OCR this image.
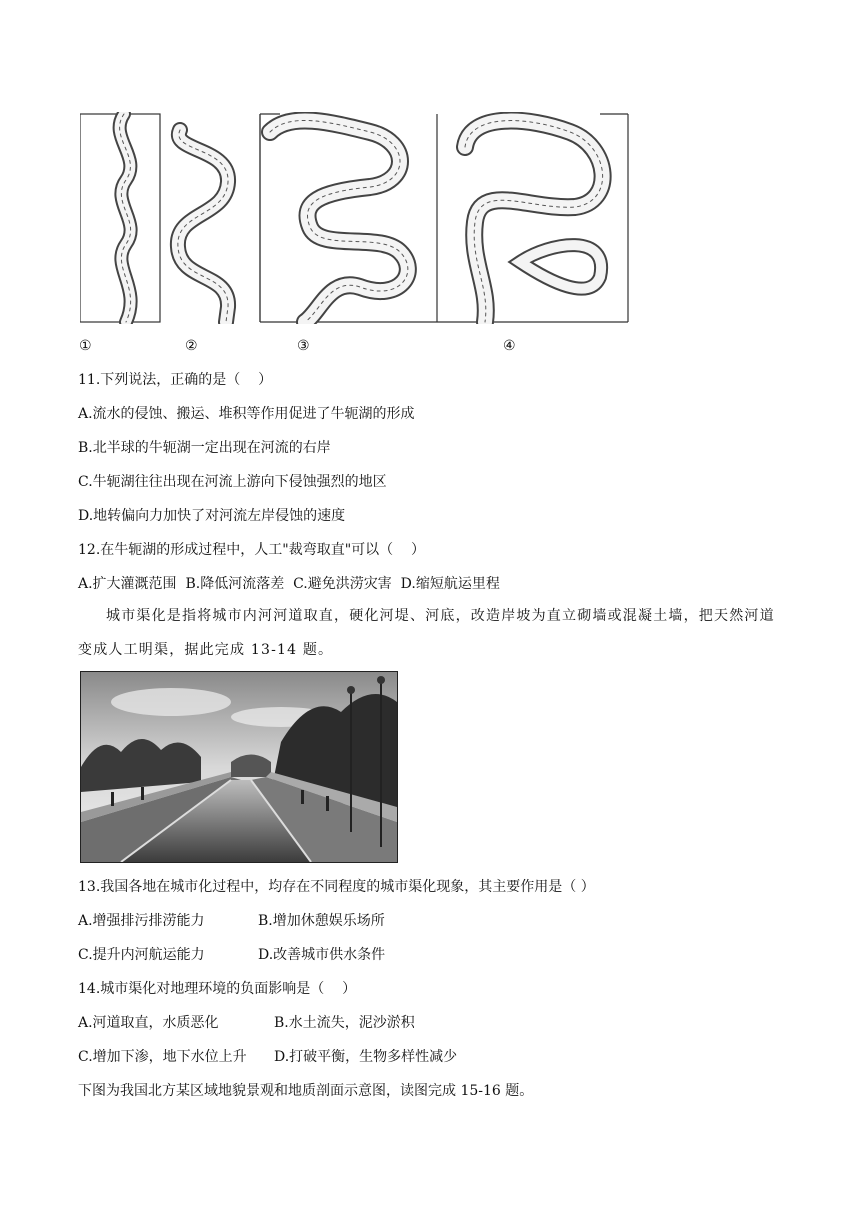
①	②	③	④
11.下列说法，正确的是（    ）
A.流水的侵蚀、搬运、堆积等作用促进了牛轭湖的形成
B.北半球的牛轭湖一定出现在河流的右岸
C.牛轭湖往往出现在河流上游向下侵蚀强烈的地区
D.地转偏向力加快了对河流左岸侵蚀的速度
12.在牛轭湖的形成过程中，人工"裁弯取直"可以（    ）
A.扩大灌溉范围  B.降低河流落差  C.避免洪涝灾害  D.缩短航运里程
城市渠化是指将城市内河河道取直，硬化河堤、河底，改造岸坡为直立砌墙或混凝土墙，把天然河道变成人工明渠，据此完成 13-14 题。
13.我国各地在城市化过程中，均存在不同程度的城市渠化现象，其主要作用是（ ）
A.增强排污排涝能力	B.增加休憩娱乐场所
C.提升内河航运能力	D.改善城市供水条件
14.城市渠化对地理环境的负面影响是（    ）
A.河道取直，水质恶化	B.水土流失，泥沙淤积
C.增加下渗，地下水位上升 D.打破平衡，生物多样性减少
下图为我国北方某区域地貌景观和地质剖面示意图，读图完成 15-16 题。
